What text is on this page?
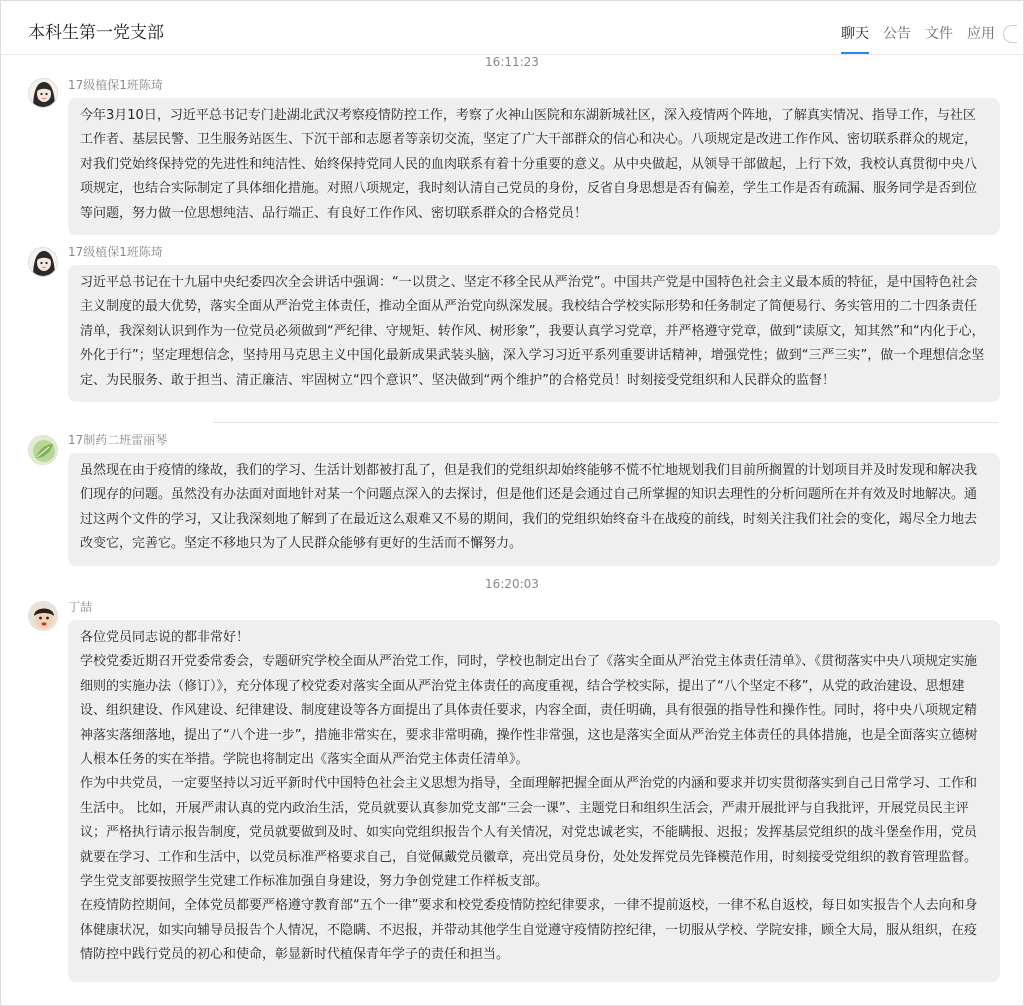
本科生第一党支部	聊天 公告 文件 应用
16:11:23
17级植保1班陈琦

今年3月10日，习近平总书记专门赴湖北武汉考察疫情防控工作，考察了火神山医院和东湖新城社区，深入疫情两个阵地，了解真实情况、指导工作，与社区工作者、基层民警、卫生服务站医生、下沉干部和志愿者等亲切交流，坚定了广大干部群众的信心和决心。八项规定是改进工作作风、密切联系群众的规定，对我们党始终保持党的先进性和纯洁性、始终保持党同人民的血肉联系有着十分重要的意义。从中央做起，从领导干部做起，上行下效，我校认真贯彻中央八项规定，也结合实际制定了具体细化措施。对照八项规定，我时刻认清自己党员的身份，反省自身思想是否有偏差，学生工作是否有疏漏、服务同学是否到位等问题，努力做一位思想纯洁、品行端正、有良好工作作风、密切联系群众的合格党员！

17级植保1班陈琦

习近平总书记在十九届中央纪委四次全会讲话中强调：“一以贯之、坚定不移全民从严治党”。中国共产党是中国特色社会主义最本质的特征，是中国特色社会主义制度的最大优势，落实全面从严治党主体责任，推动全面从严治党向纵深发展。我校结合学校实际形势和任务制定了简便易行、务实管用的二十四条责任清单，我深刻认识到作为一位党员必须做到“严纪律、守规矩、转作风、树形象”，我要认真学习党章，并严格遵守党章，做到“读原文，知其然”和“内化于心，外化于行”；坚定理想信念，坚持用马克思主义中国化最新成果武装头脑，深入学习习近平系列重要讲话精神，增强党性；做到“三严三实”，做一个理想信念坚定、为民服务、敢于担当、清正廉洁、牢固树立“四个意识”、坚决做到“两个维护”的合格党员！时刻接受党组织和人民群众的监督！

17制药二班雷丽琴

虽然现在由于疫情的缘故，我们的学习、生活计划都被打乱了，但是我们的党组织却始终能够不慌不忙地规划我们目前所搁置的计划项目并及时发现和解决我们现存的问题。虽然没有办法面对面地针对某一个问题点深入的去探讨，但是他们还是会通过自己所掌握的知识去理性的分析问题所在并有效及时地解决。通过这两个文件的学习，又让我深刻地了解到了在最近这么艰难又不易的期间，我们的党组织始终奋斗在战疫的前线，时刻关注我们社会的变化，竭尽全力地去改变它，完善它。坚定不移地只为了人民群众能够有更好的生活而不懈努力。

16:20:03
丁喆

各位党员同志说的都非常好！

学校党委近期召开党委常委会，专题研究学校全面从严治党工作，同时，学校也制定出台了《落实全面从严治党主体责任清单》、《贯彻落实中央八项规定实施细则的实施办法（修订）》，充分体现了校党委对落实全面从严治党主体责任的高度重视，结合学校实际，提出了“八个坚定不移”，从党的政治建设、思想建设、组织建设、作风建设、纪律建设、制度建设等各方面提出了具体责任要求，内容全面，责任明确，具有很强的指导性和操作性。同时，将中央八项规定精神落实落细落地，提出了“八个进一步”，措施非常实在，要求非常明确，操作性非常强，这也是落实全面从严治党主体责任的具体措施，也是全面落实立德树人根本任务的实在举措。学院也将制定出《落实全面从严治党主体责任清单》。

作为中共党员，一定要坚持以习近平新时代中国特色社会主义思想为指导，全面理解把握全面从严治党的内涵和要求并切实贯彻落实到自己日常学习、工作和生活中。 比如，开展严肃认真的党内政治生活，党员就要认真参加党支部“三会一课”、主题党日和组织生活会，严肃开展批评与自我批评，开展党员民主评议；严格执行请示报告制度，党员就要做到及时、如实向党组织报告个人有关情况，对党忠诚老实，不能瞒报、迟报；发挥基层党组织的战斗堡垒作用，党员就要在学习、工作和生活中，以党员标准严格要求自己，自觉佩戴党员徽章，亮出党员身份，处处发挥党员先锋模范作用，时刻接受党组织的教育管理监督。学生党支部要按照学生党建工作标准加强自身建设，努力争创党建工作样板支部。

在疫情防控期间，全体党员都要严格遵守教育部“五个一律”要求和校党委疫情防控纪律要求，一律不提前返校，一律不私自返校，每日如实报告个人去向和身体健康状况，如实向辅导员报告个人情况，不隐瞒、不迟报，并带动其他学生自觉遵守疫情防控纪律，一切服从学校、学院安排，顾全大局，服从组织，在疫情防控中践行党员的初心和使命，彰显新时代植保青年学子的责任和担当。
